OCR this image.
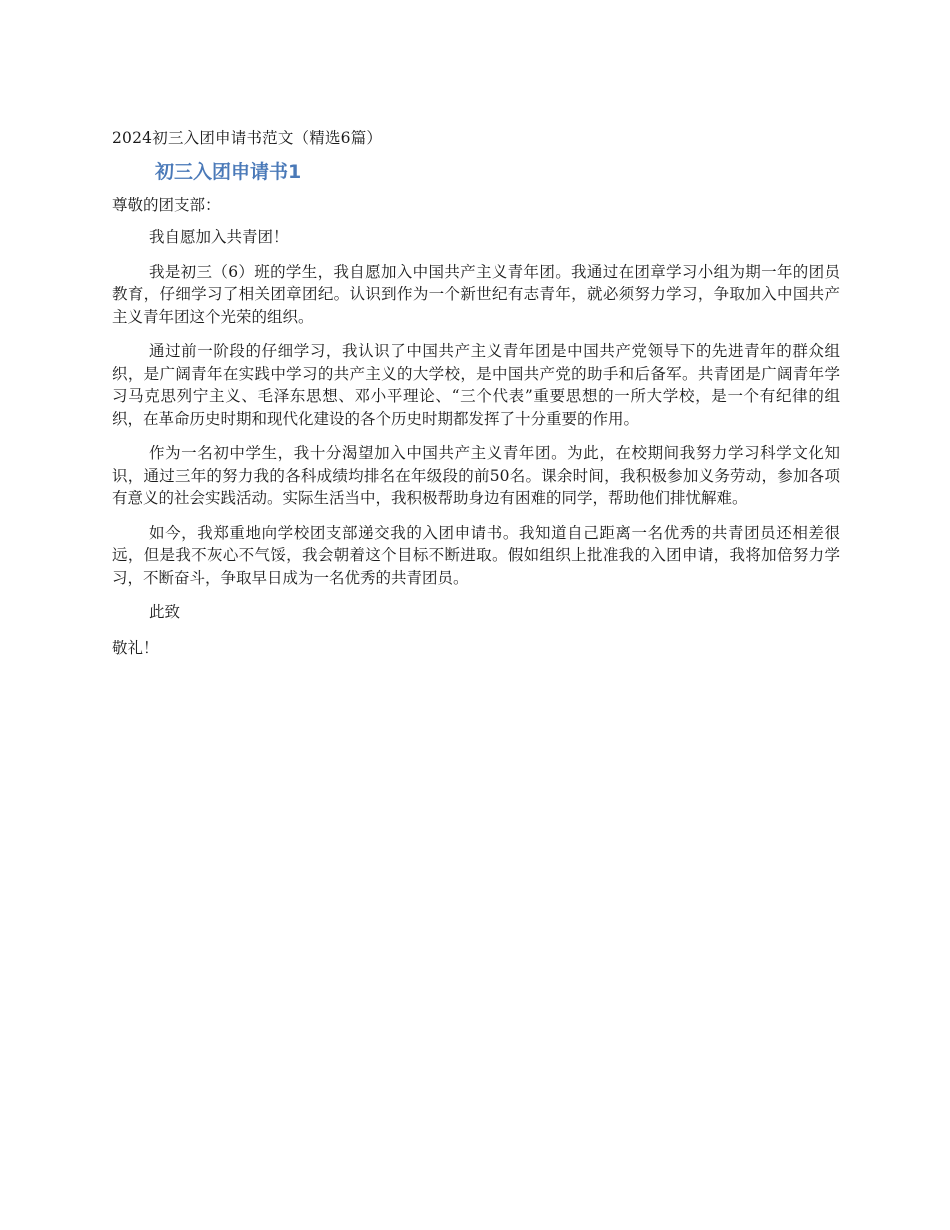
2024初三入团申请书范文（精选6篇）
初三入团申请书1
尊敬的团支部：

我自愿加入共青团！

我是初三（6）班的学生，我自愿加入中国共产主义青年团。我通过在团章学习小组为期一年的团员教育，仔细学习了相关团章团纪。认识到作为一个新世纪有志青年，就必须努力学习，争取加入中国共产主义青年团这个光荣的组织。

通过前一阶段的仔细学习，我认识了中国共产主义青年团是中国共产党领导下的先进青年的群众组织，是广阔青年在实践中学习的共产主义的大学校，是中国共产党的助手和后备军。共青团是广阔青年学习马克思列宁主义、毛泽东思想、邓小平理论、“三个代表”重要思想的一所大学校，是一个有纪律的组织，在革命历史时期和现代化建设的各个历史时期都发挥了十分重要的作用。

作为一名初中学生，我十分渴望加入中国共产主义青年团。为此，在校期间我努力学习科学文化知识，通过三年的努力我的各科成绩均排名在年级段的前50名。课余时间，我积极参加义务劳动，参加各项有意义的社会实践活动。实际生活当中，我积极帮助身边有困难的同学，帮助他们排忧解难。

如今，我郑重地向学校团支部递交我的入团申请书。我知道自己距离一名优秀的共青团员还相差很远，但是我不灰心不气馁，我会朝着这个目标不断进取。假如组织上批准我的入团申请，我将加倍努力学习，不断奋斗，争取早日成为一名优秀的共青团员。

此致
敬礼！
